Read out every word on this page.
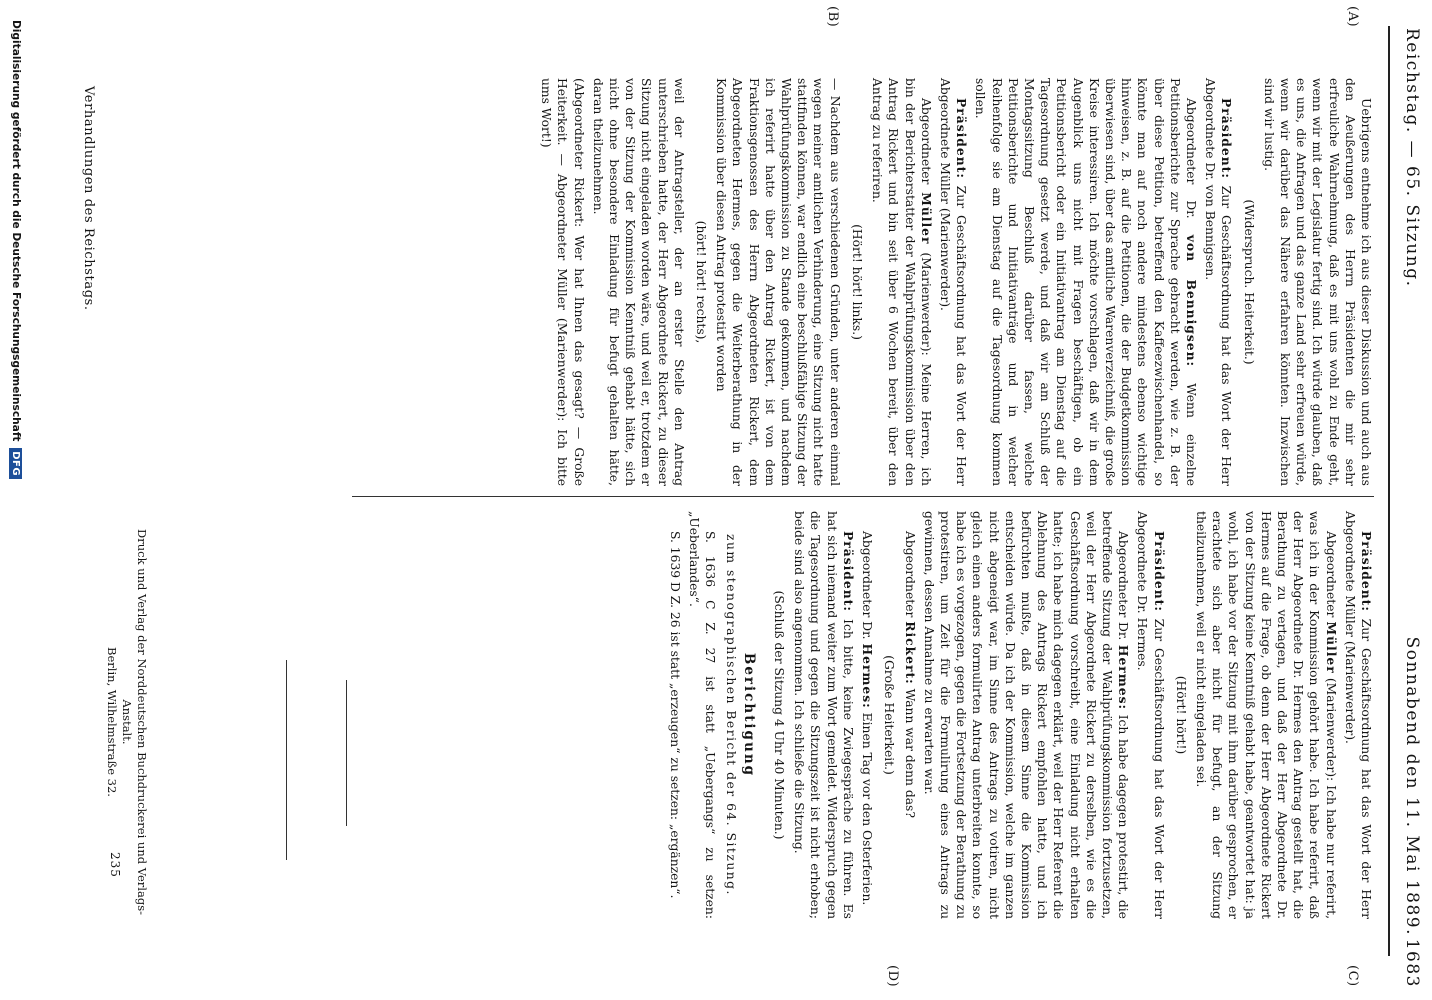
Reichstag. — 65. Sitzung.
Sonnabend den 11. Mai 1889.
1683
(A)
(B)
(C)
(D)

Uebrigens entnehme ich aus dieser Diskussion und auch aus den Aeußerungen des Herrn Präsidenten die mir sehr erfreuliche Wahrnehmung, daß es mit uns wohl zu Ende geht, wenn wir mit der Legislatur fertig sind. Ich würde glauben, daß es uns, die Anfragen und das ganze Land sehr erfreuen würde, wenn wir darüber das Nähere erfahren könnten. Inzwischen sind wir lustig.

(Widerspruch. Heiterkeit.)

Präsident: Zur Geschäftsordnung hat das Wort der Herr Abgeordnete Dr. von Bennigsen.

Abgeordneter Dr. von Bennigsen: Wenn einzelne Petitionsberichte zur Sprache gebracht werden, wie z. B. der über diese Petition, betreffend den Kaffeezwischenhandel, so könnte man auf noch andere mindestens ebenso wichtige hinweisen, z. B. auf die Petitionen, die der Budgetkommission überwiesen sind, über das amtliche Warenverzeichniß, die große Kreise interessiren. Ich möchte vorschlagen, daß wir in dem Augenblick uns nicht mit Fragen beschäftigen, ob ein Petitionsbericht oder ein Initiativantrag am Dienstag auf die Tagesordnung gesetzt werde, und daß wir am Schluß der Montagssitzung Beschluß darüber fassen, welche Petitionsberichte und Initiativanträge und in welcher Reihenfolge sie am Dienstag auf die Tagesordnung kommen sollen.

Präsident: Zur Geschäftsordnung hat das Wort der Herr Abgeordnete Müller (Marienwerder).

Abgeordneter Müller (Marienwerder): Meine Herren, ich bin der Berichterstatter der Wahlprüfungskommission über den Antrag Rickert und bin seit über 6 Wochen bereit, über den Antrag zu referiren.

(Hört! hört! links.)

— Nachdem aus verschiedenen Gründen, unter anderen einmal wegen meiner amtlichen Verhinderung, eine Sitzung nicht hatte stattfinden können, war endlich eine beschlußfähige Sitzung der Wahlprüfungskommission zu Stande gekommen, und nachdem ich referirt hatte über den Antrag Rickert, ist von dem Fraktionsgenossen des Herrn Abgeordneten Rickert, dem Abgeordneten Hermes, gegen die Weiterberathung in der Kommission über diesen Antrag protestirt worden

(hört! hört! rechts),

weil der Antragsteller, der an erster Stelle den Antrag unterschrieben hatte, der Herr Abgeordnete Rickert, zu dieser Sitzung nicht eingeladen worden wäre, und weil er, trotzdem er von der Sitzung der Kommission Kenntniß gehabt hätte, sich nicht ohne besondere Einladung für befugt gehalten hätte, daran theilzunehmen.

(Abgeordneter Rickert: Wer hat Ihnen das gesagt? — Große Heiterkeit. — Abgeordneter Müller (Marienwerder): Ich bitte ums Wort!)

Präsident: Zur Geschäftsordnung hat das Wort der Herr Abgeordnete Müller (Marienwerder).

Abgeordneter Müller (Marienwerder): Ich habe nur referirt, was ich in der Kommission gehört habe. Ich habe referirt, daß der Herr Abgeordnete Dr. Hermes den Antrag gestellt hat, die Berathung zu vertagen, und daß der Herr Abgeordnete Dr. Hermes auf die Frage, ob denn der Herr Abgeordnete Rickert von der Sitzung keine Kenntniß gehabt habe, geantwortet hat: ja wohl, ich habe vor der Sitzung mit ihm darüber gesprochen, er erachtete sich aber nicht für befugt, an der Sitzung theilzunehmen, weil er nicht eingeladen sei.

(Hört! hört!)

Präsident: Zur Geschäftsordnung hat das Wort der Herr Abgeordnete Dr. Hermes.

Abgeordneter Dr. Hermes: Ich habe dagegen protestirt, die betreffende Sitzung der Wahlprüfungskommission fortzusetzen, weil der Herr Abgeordnete Rickert zu derselben, wie es die Geschäftsordnung vorschreibt, eine Einladung nicht erhalten hatte; ich habe mich dagegen erklärt, weil der Herr Referent die Ablehnung des Antrags Rickert empfohlen hatte, und ich befürchten mußte, daß in diesem Sinne die Kommission entscheiden würde. Da ich der Kommission, welche im ganzen nicht abgeneigt war, im Sinne des Antrags zu votiren, nicht gleich einen anders formulirten Antrag unterbreiten konnte, so habe ich es vorgezogen, gegen die Fortsetzung der Berathung zu protestiren, um Zeit für die Formulirung eines Antrags zu gewinnen, dessen Annahme zu erwarten war.

Abgeordneter Rickert: Wann war denn das?

(Große Heiterkeit.)

Abgeordneter Dr. Hermes: Einen Tag vor den Osterferien.

Präsident: Ich bitte, keine Zwiegespräche zu führen. Es hat sich niemand weiter zum Wort gemeldet. Widerspruch gegen die Tagesordnung und gegen die Sitzungszeit ist nicht erhoben; beide sind also angenommen. Ich schließe die Sitzung.

(Schluß der Sitzung 4 Uhr 40 Minuten.)

Berichtigung
zum stenographischen Bericht der 64. Sitzung.

S. 1636 C Z. 27 ist statt „Uebergangs“ zu setzen: „Ueberlandes“.

S. 1639 D Z. 26 ist statt „erzeugen“ zu setzen: „ergänzen“.

Verhandlungen des Reichstags.
Druck und Verlag der Norddeutschen Buchdruckerei und Verlags-Anstalt.
Berlin, Wilhelmstraße 32.
235
Digitalisierung gefördert durch die Deutsche Forschungsgemeinschaft DFG
